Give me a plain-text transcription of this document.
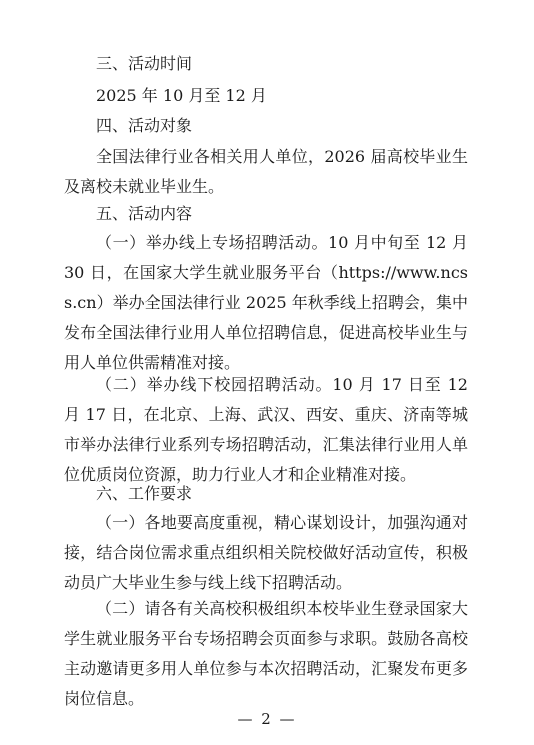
三、活动时间
2025 年 10 月至 12 月
四、活动对象
全国法律行业各相关用人单位，2026 届高校毕业生及离校未就业毕业生。
五、活动内容
（一）举办线上专场招聘活动。10 月中旬至 12 月 30 日，在国家大学生就业服务平台（https://www.ncss.cn）举办全国法律行业 2025 年秋季线上招聘会，集中发布全国法律行业用人单位招聘信息，促进高校毕业生与用人单位供需精准对接。
（二）举办线下校园招聘活动。10 月 17 日至 12 月 17 日，在北京、上海、武汉、西安、重庆、济南等城市举办法律行业系列专场招聘活动，汇集法律行业用人单位优质岗位资源，助力行业人才和企业精准对接。
六、工作要求
（一）各地要高度重视，精心谋划设计，加强沟通对接，结合岗位需求重点组织相关院校做好活动宣传，积极动员广大毕业生参与线上线下招聘活动。
（二）请各有关高校积极组织本校毕业生登录国家大学生就业服务平台专场招聘会页面参与求职。鼓励各高校主动邀请更多用人单位参与本次招聘活动，汇聚发布更多岗位信息。
— 2 —
